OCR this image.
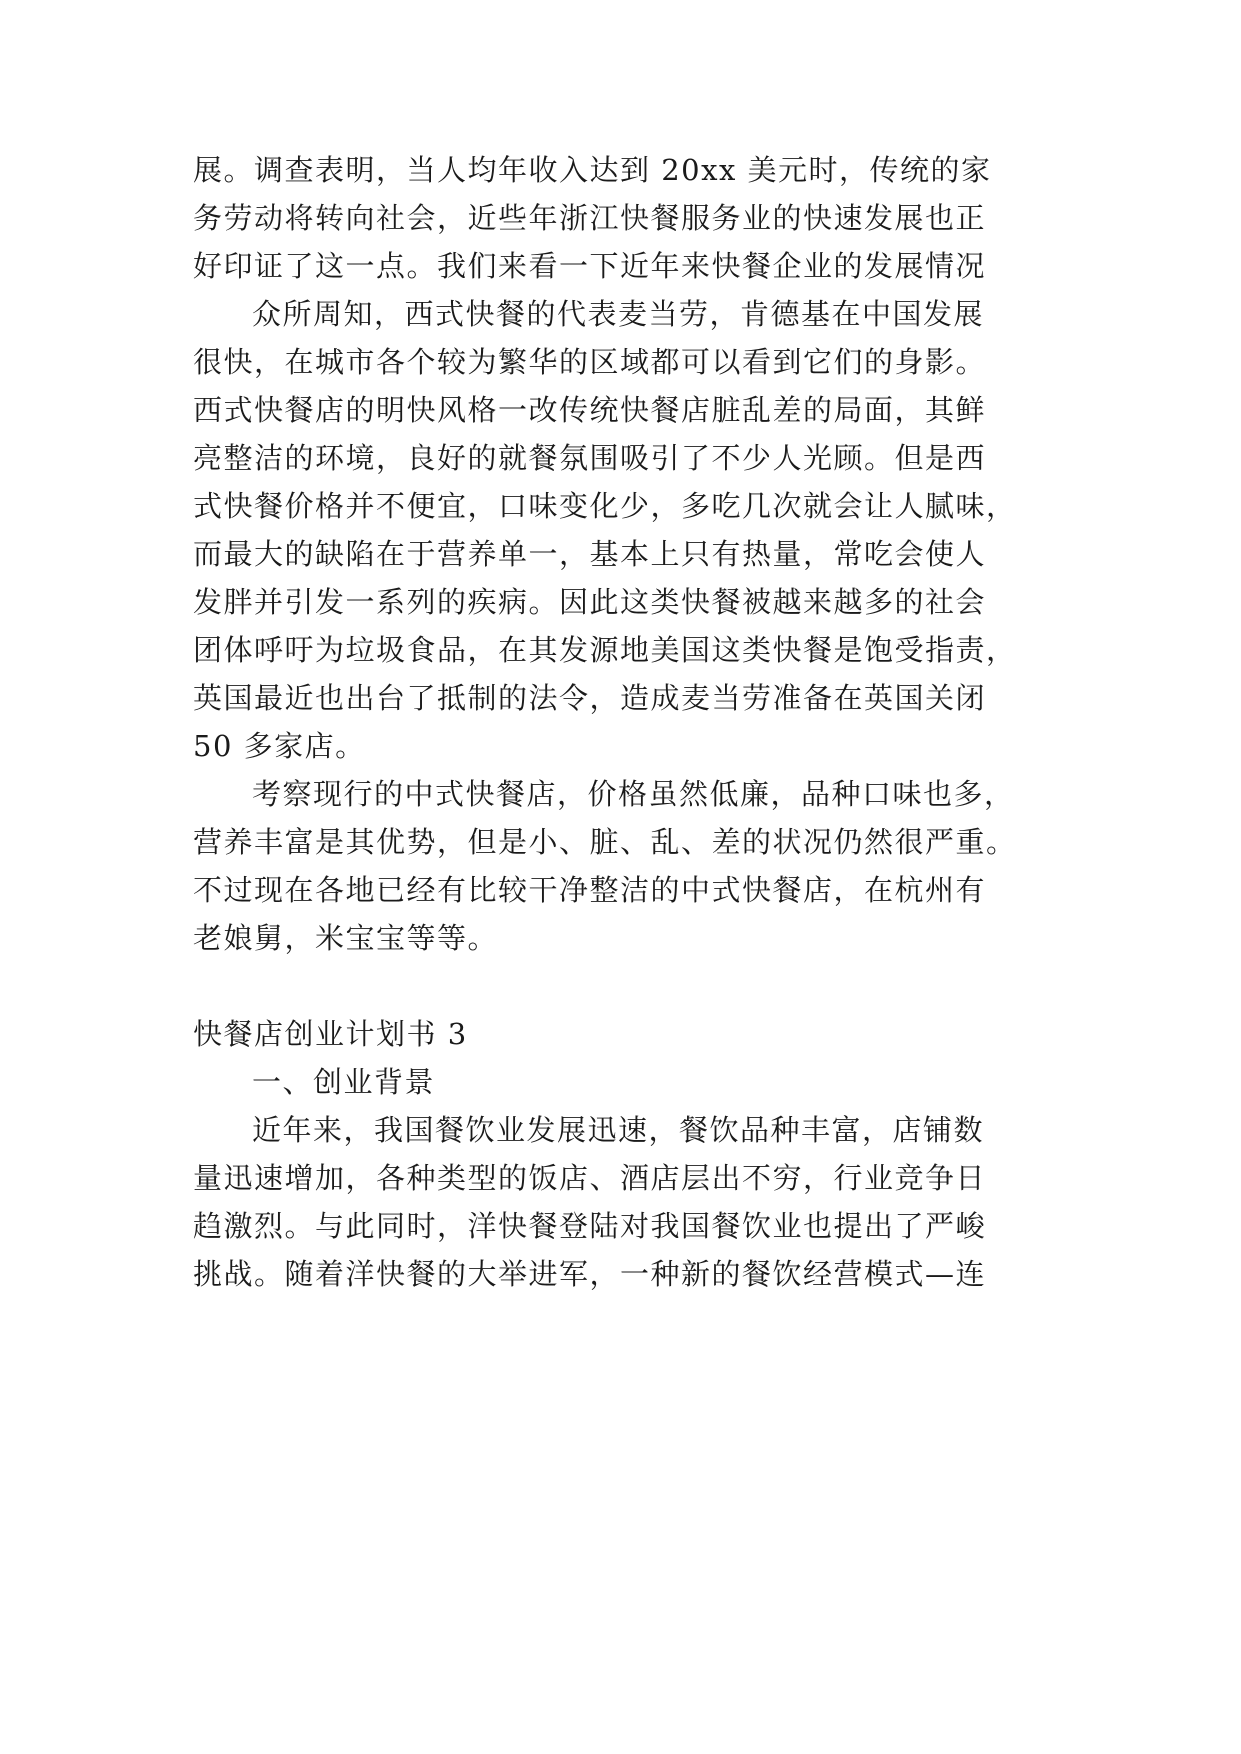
展。调查表明，当人均年收入达到 20xx 美元时，传统的家
务劳动将转向社会，近些年浙江快餐服务业的快速发展也正
好印证了这一点。我们来看一下近年来快餐企业的发展情况
众所周知，西式快餐的代表麦当劳，肯德基在中国发展
很快，在城市各个较为繁华的区域都可以看到它们的身影。
西式快餐店的明快风格一改传统快餐店脏乱差的局面，其鲜
亮整洁的环境，良好的就餐氛围吸引了不少人光顾。但是西
式快餐价格并不便宜，口味变化少，多吃几次就会让人腻味，
而最大的缺陷在于营养单一，基本上只有热量，常吃会使人
发胖并引发一系列的疾病。因此这类快餐被越来越多的社会
团体呼吁为垃圾食品，在其发源地美国这类快餐是饱受指责，
英国最近也出台了抵制的法令，造成麦当劳准备在英国关闭
50 多家店。
考察现行的中式快餐店，价格虽然低廉，品种口味也多，
营养丰富是其优势，但是小、脏、乱、差的状况仍然很严重。
不过现在各地已经有比较干净整洁的中式快餐店，在杭州有
老娘舅，米宝宝等等。
快餐店创业计划书 3
一、创业背景
近年来，我国餐饮业发展迅速，餐饮品种丰富，店铺数
量迅速增加，各种类型的饭店、酒店层出不穷，行业竞争日
趋激烈。与此同时，洋快餐登陆对我国餐饮业也提出了严峻
挑战。随着洋快餐的大举进军，一种新的餐饮经营模式—连
